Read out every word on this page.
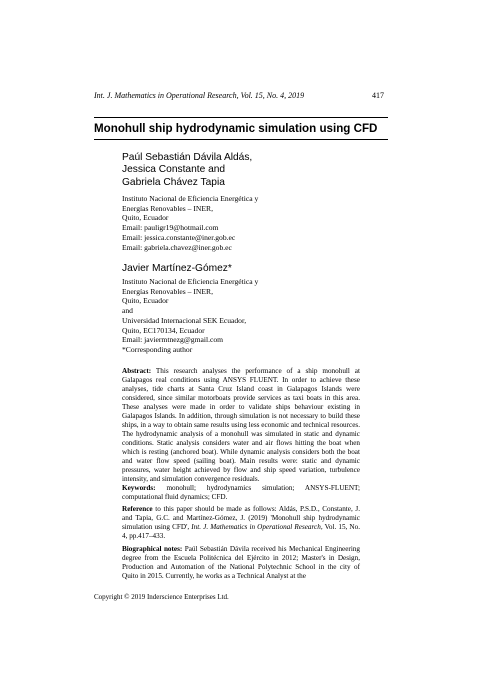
Int. J. Mathematics in Operational Research, Vol. 15, No. 4, 2019	417
Monohull ship hydrodynamic simulation using CFD
Paúl Sebastián Dávila Aldás,
Jessica Constante and
Gabriela Chávez Tapia
Instituto Nacional de Eficiencia Energética y
Energías Renovables – INER,
Quito, Ecuador
Email: pauligr19@hotmail.com
Email: jessica.constante@iner.gob.ec
Email: gabriela.chavez@iner.gob.ec
Javier Martínez-Gómez*
Instituto Nacional de Eficiencia Energética y
Energías Renovables – INER,
Quito, Ecuador
and
Universidad Internacional SEK Ecuador,
Quito, EC170134, Ecuador
Email: javiermtnezg@gmail.com
*Corresponding author
Abstract: This research analyses the performance of a ship monohull at Galapagos real conditions using ANSYS FLUENT. In order to achieve these analyses, tide charts at Santa Cruz Island coast in Galapagos Islands were considered, since similar motorboats provide services as taxi boats in this area. These analyses were made in order to validate ships behaviour existing in Galapagos Islands. In addition, through simulation is not necessary to build these ships, in a way to obtain same results using less economic and technical resources. The hydrodynamic analysis of a monohull was simulated in static and dynamic conditions. Static analysis considers water and air flows hitting the boat when which is resting (anchored boat). While dynamic analysis considers both the boat and water flow speed (sailing boat). Main results were: static and dynamic pressures, water height achieved by flow and ship speed variation, turbulence intensity, and simulation convergence residuals.
Keywords: monohull; hydrodynamics simulation; ANSYS-FLUENT; computational fluid dynamics; CFD.
Reference to this paper should be made as follows: Aldás, P.S.D., Constante, J. and Tapia, G.C. and Martínez-Gómez, J. (2019) 'Monohull ship hydrodynamic simulation using CFD', Int. J. Mathematics in Operational Research, Vol. 15, No. 4, pp.417–433.
Biographical notes: Paúl Sebastián Dávila received his Mechanical Engineering degree from the Escuela Politécnica del Ejército in 2012; Master's in Design, Production and Automation of the National Polytechnic School in the city of Quito in 2015. Currently, he works as a Technical Analyst at the
Copyright © 2019 Inderscience Enterprises Ltd.
